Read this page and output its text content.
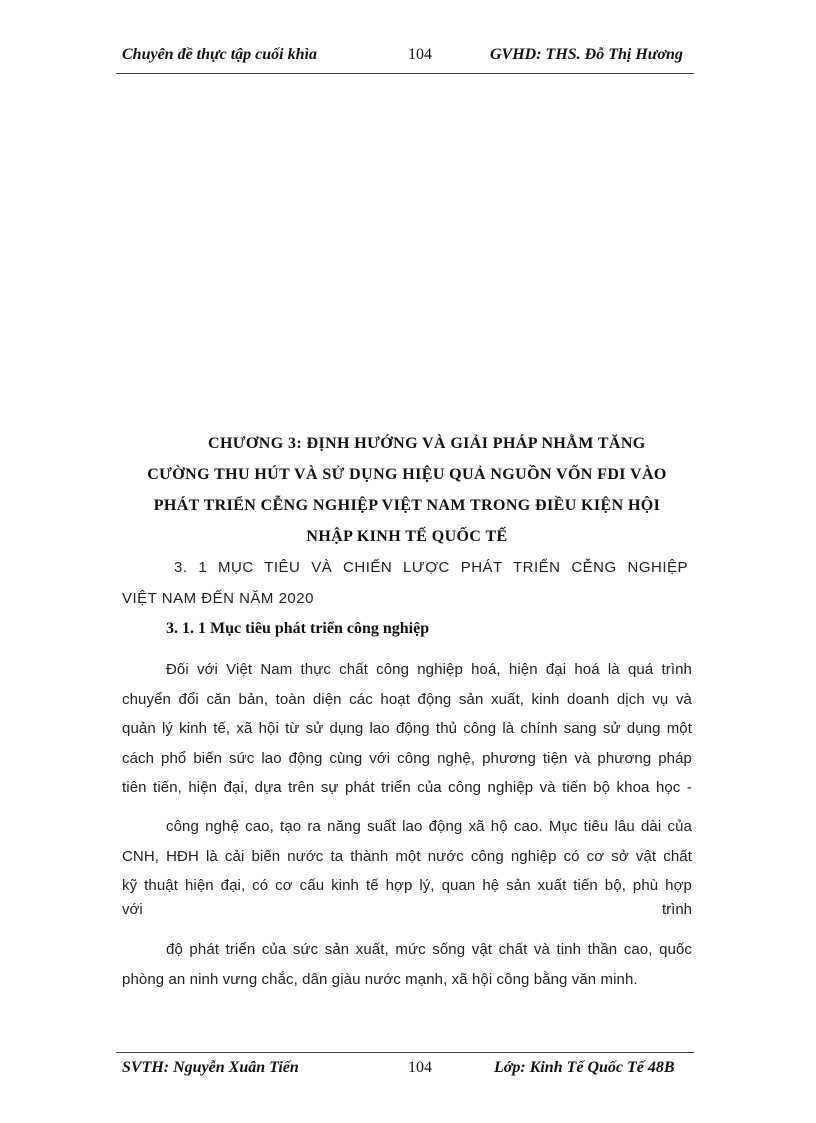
Chuyên đề thực tập cuối khìa	104	GVHD: THS. Đỗ Thị Hương
CHƯƠNG 3: ĐỊNH HƯỚNG VÀ GIẢI PHÁP NHẰM TĂNG
CƯỜNG THU HÚT VÀ SỬ DỤNG HIỆU QUẢ NGUỒN VỐN FDI VÀO
PHÁT TRIỂN CỄNG NGHIỆP VIỆT NAM TRONG ĐIỀU KIỆN HỘI
NHẬP KINH TẾ QUỐC TẾ
3. 1 MỤC TIÊU VÀ CHIẾN LƯỢC PHÁT TRIỂN CỄNG NGHIỆP
VIỆT NAM ĐẾN NĂM 2020
3. 1. 1 Mục tiêu phát triển công nghiệp
Đối với Việt Nam thực chất công nghiệp hoá, hiện đại hoá là quá trình
chuyển đổi căn bản, toàn diện các hoạt động sản xuất, kinh doanh dịch vụ và
quản lý kinh tế, xã hội từ sử dụng lao động thủ công là chính sang sử dụng một
cách phổ biến sức lao động cùng với công nghệ, phương tiện và phương pháp
tiên tiến, hiện đại, dựa trên sự phát triển của công nghiệp và tiến bộ khoa học -
công nghệ cao, tạo ra năng suất lao động xã hộ cao. Mục tiêu lâu dài của
CNH, HĐH là cải biến nước ta thành một nước công nghiệp có cơ sở vật chất
kỹ thuật hiện đại, có cơ cấu kinh tế hợp lý, quan hệ sản xuất tiến bộ, phù hợp
với	trình
độ phát triển của sức sản xuất, mức sống vật chất và tinh thần cao, quốc
phòng an ninh vưng chắc, dân giàu nước mạnh, xã hội công bằng văn minh.
SVTH: Nguyễn Xuân Tiến	104	Lớp: Kinh Tế Quốc Tế 48B
